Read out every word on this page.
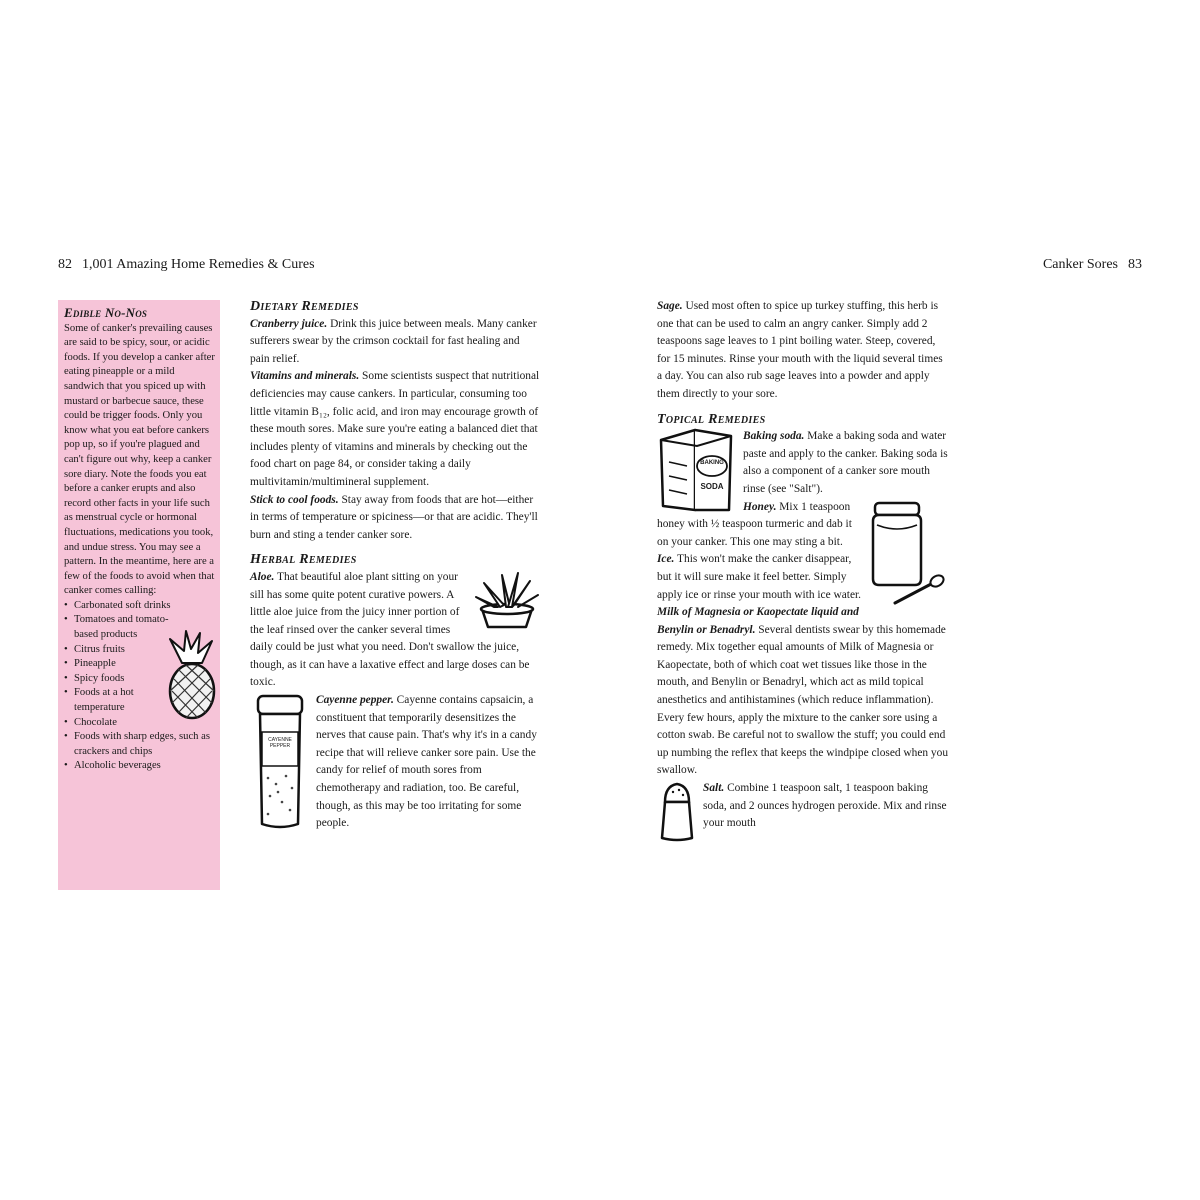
82 1,001 Amazing Home Remedies & Cures	Canker Sores 83
Edible No-Nos

Some of canker's prevailing causes are said to be spicy, sour, or acidic foods. If you develop a canker after eating pineapple or a mild sandwich that you spiced up with mustard or barbecue sauce, these could be trigger foods. Only you know what you eat before cankers pop up, so if you're plagued and can't figure out why, keep a canker sore diary. Note the foods you eat before a canker erupts and also record other facts in your life such as menstrual cycle or hormonal fluctuations, medications you took, and undue stress. You may see a pattern. In the meantime, here are a few of the foods to avoid when that canker comes calling:

• Carbonated soft drinks
• Tomatoes and tomato-based products
• Citrus fruits
• Pineapple
• Spicy foods
• Foods at a hot temperature
• Chocolate
• Foods with sharp edges, such as crackers and chips
• Alcoholic beverages
Dietary Remedies

Cranberry juice. Drink this juice between meals. Many canker sufferers swear by the crimson cocktail for fast healing and pain relief.

Vitamins and minerals. Some scientists suspect that nutritional deficiencies may cause cankers. In particular, consuming too little vitamin B₁₂, folic acid, and iron may encourage growth of these mouth sores. Make sure you're eating a balanced diet that includes plenty of vitamins and minerals by checking out the food chart on page 84, or consider taking a daily multivitamin/multimineral supplement.

Stick to cool foods. Stay away from foods that are hot—either in terms of temperature or spiciness—or that are acidic. They'll burn and sting a tender canker sore.

Herbal Remedies

Aloe. That beautiful aloe plant sitting on your sill has some quite potent curative powers. A little aloe juice from the juicy inner portion of the leaf rinsed over the canker several times daily could be just what you need. Don't swallow the juice, though, as it can have a laxative effect and large doses can be toxic.

CAYENNE PEPPER

Cayenne pepper. Cayenne contains capsaicin, a constituent that temporarily desensitizes the nerves that cause pain. That's why it's in a candy recipe that will relieve canker sore pain. Use the candy for relief of mouth sores from chemotherapy and radiation, too. Be careful, though, as this may be too irritating for some people.

Sage. Used most often to spice up turkey stuffing, this herb is one that can be used to calm an angry canker. Simply add 2 teaspoons sage leaves to 1 pint boiling water. Steep, covered, for 15 minutes. Rinse your mouth with the liquid several times a day. You can also rub sage leaves into a powder and apply them directly to your sore.

Topical Remedies
BAKING
SODA

Baking soda. Make a baking soda and water paste and apply to the canker. Baking soda is also a component of a canker sore mouth rinse (see "Salt").

Honey. Mix 1 teaspoon honey with ½ teaspoon turmeric and dab it on your canker. This one may sting a bit.

Ice. This won't make the canker disappear, but it will sure make it feel better. Simply apply ice or rinse your mouth with ice water.

Milk of Magnesia or Kaopectate liquid and Benylin or Benadryl. Several dentists swear by this homemade remedy. Mix together equal amounts of Milk of Magnesia or Kaopectate, both of which coat wet tissues like those in the mouth, and Benylin or Benadryl, which act as mild topical anesthetics and antihistamines (which reduce inflammation). Every few hours, apply the mixture to the canker sore using a cotton swab. Be careful not to swallow the stuff; you could end up numbing the reflex that keeps the windpipe closed when you swallow.

Salt. Combine 1 teaspoon salt, 1 teaspoon baking soda, and 2 ounces hydrogen peroxide. Mix and rinse your mouth
